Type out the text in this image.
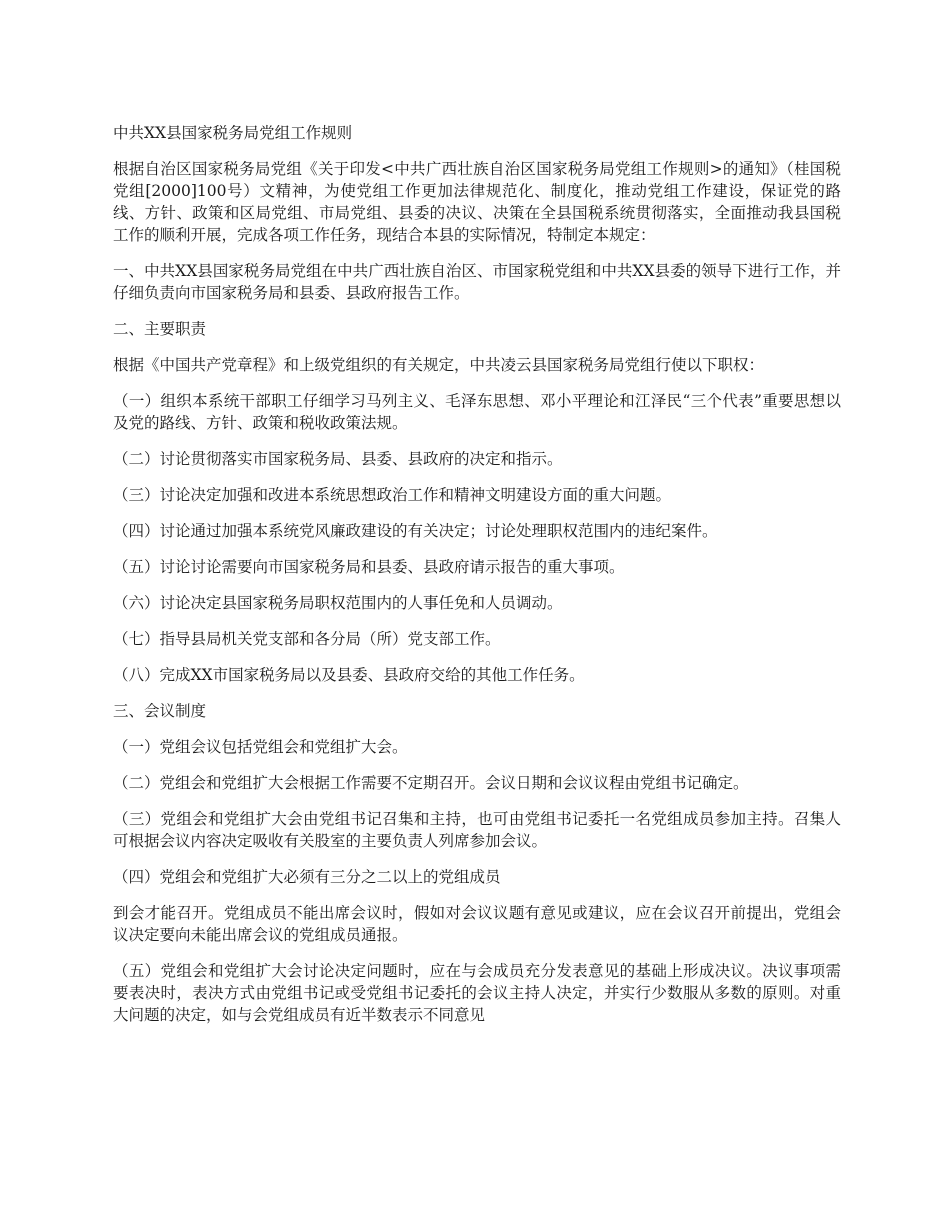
中共XX县国家税务局党组工作规则

根据自治区国家税务局党组《关于印发<中共广西壮族自治区国家税务局党组工作规则>的通知》（桂国税党组[2000]100号）文精神，为使党组工作更加法律规范化、制度化，推动党组工作建设，保证党的路线、方针、政策和区局党组、市局党组、县委的决议、决策在全县国税系统贯彻落实，全面推动我县国税工作的顺利开展，完成各项工作任务，现结合本县的实际情况，特制定本规定：

一、中共XX县国家税务局党组在中共广西壮族自治区、市国家税党组和中共XX县委的领导下进行工作，并仔细负责向市国家税务局和县委、县政府报告工作。

二、主要职责

根据《中国共产党章程》和上级党组织的有关规定，中共凌云县国家税务局党组行使以下职权：

（一）组织本系统干部职工仔细学习马列主义、毛泽东思想、邓小平理论和江泽民“三个代表”重要思想以及党的路线、方针、政策和税收政策法规。

（二）讨论贯彻落实市国家税务局、县委、县政府的决定和指示。

（三）讨论决定加强和改进本系统思想政治工作和精神文明建设方面的重大问题。

（四）讨论通过加强本系统党风廉政建设的有关决定；讨论处理职权范围内的违纪案件。

（五）讨论讨论需要向市国家税务局和县委、县政府请示报告的重大事项。

（六）讨论决定县国家税务局职权范围内的人事任免和人员调动。

（七）指导县局机关党支部和各分局（所）党支部工作。

（八）完成XX市国家税务局以及县委、县政府交给的其他工作任务。

三、会议制度

（一）党组会议包括党组会和党组扩大会。

（二）党组会和党组扩大会根据工作需要不定期召开。会议日期和会议议程由党组书记确定。

（三）党组会和党组扩大会由党组书记召集和主持，也可由党组书记委托一名党组成员参加主持。召集人可根据会议内容决定吸收有关股室的主要负责人列席参加会议。

（四）党组会和党组扩大必须有三分之二以上的党组成员

到会才能召开。党组成员不能出席会议时，假如对会议议题有意见或建议，应在会议召开前提出，党组会议决定要向未能出席会议的党组成员通报。

（五）党组会和党组扩大会讨论决定问题时，应在与会成员充分发表意见的基础上形成决议。决议事项需要表决时，表决方式由党组书记或受党组书记委托的会议主持人决定，并实行少数服从多数的原则。对重大问题的决定，如与会党组成员有近半数表示不同意见
